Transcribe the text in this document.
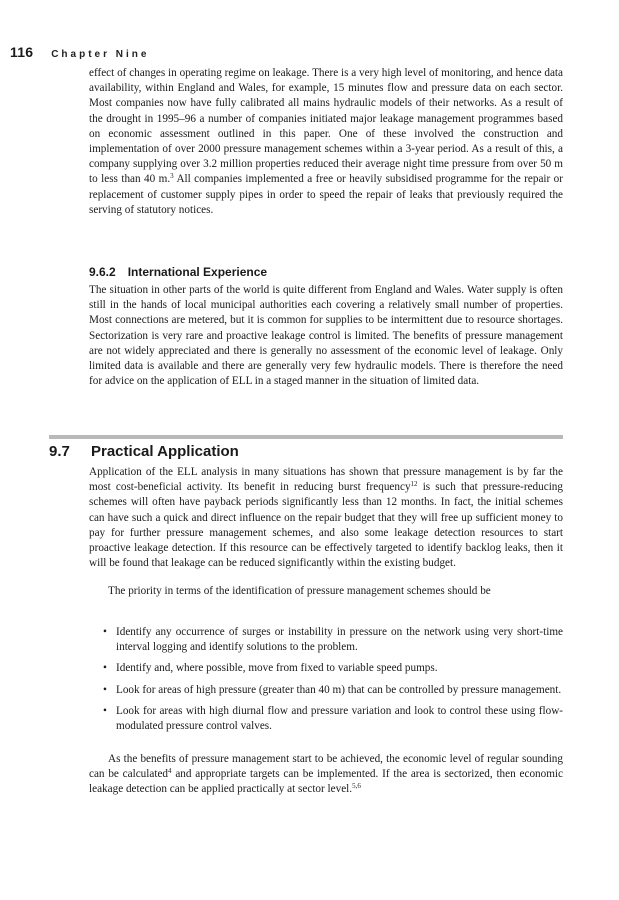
116 Chapter Nine

effect of changes in operating regime on leakage. There is a very high level of monitoring, and hence data availability, within England and Wales, for example, 15 minutes flow and pressure data on each sector. Most companies now have fully calibrated all mains hydraulic models of their networks. As a result of the drought in 1995–96 a number of companies initiated major leakage management programmes based on economic assessment outlined in this paper. One of these involved the construction and implementation of over 2000 pressure management schemes within a 3-year period. As a result of this, a company supplying over 3.2 million properties reduced their average night time pressure from over 50 m to less than 40 m.$^3$ All companies implemented a free or heavily subsidised programme for the repair or replacement of customer supply pipes in order to speed the repair of leaks that previously required the serving of statutory notices.

9.6.2 International Experience

The situation in other parts of the world is quite different from England and Wales. Water supply is often still in the hands of local municipal authorities each covering a relatively small number of properties. Most connections are metered, but it is common for supplies to be intermittent due to resource shortages. Sectorization is very rare and proactive leakage control is limited. The benefits of pressure management are not widely appreciated and there is generally no assessment of the economic level of leakage. Only limited data is available and there are generally very few hydraulic models. There is therefore the need for advice on the application of ELL in a staged manner in the situation of limited data.

9.7 Practical Application

Application of the ELL analysis in many situations has shown that pressure management is by far the most cost-beneficial activity. Its benefit in reducing burst frequency$^{12}$ is such that pressure-reducing schemes will often have payback periods significantly less than 12 months. In fact, the initial schemes can have such a quick and direct influence on the repair budget that they will free up sufficient money to pay for further pressure management schemes, and also some leakage detection resources to start proactive leakage detection. If this resource can be effectively targeted to identify backlog leaks, then it will be found that leakage can be reduced significantly within the existing budget.

The priority in terms of the identification of pressure management schemes should be

• Identify any occurrence of surges or instability in pressure on the network using very short-time interval logging and identify solutions to the problem.
• Identify and, where possible, move from fixed to variable speed pumps.
• Look for areas of high pressure (greater than 40 m) that can be controlled by pressure management.
• Look for areas with high diurnal flow and pressure variation and look to control these using flow-modulated pressure control valves.

As the benefits of pressure management start to be achieved, the economic level of regular sounding can be calculated$^4$ and appropriate targets can be implemented. If the area is sectorized, then economic leakage detection can be applied practically at sector level.$^{5,6}$
